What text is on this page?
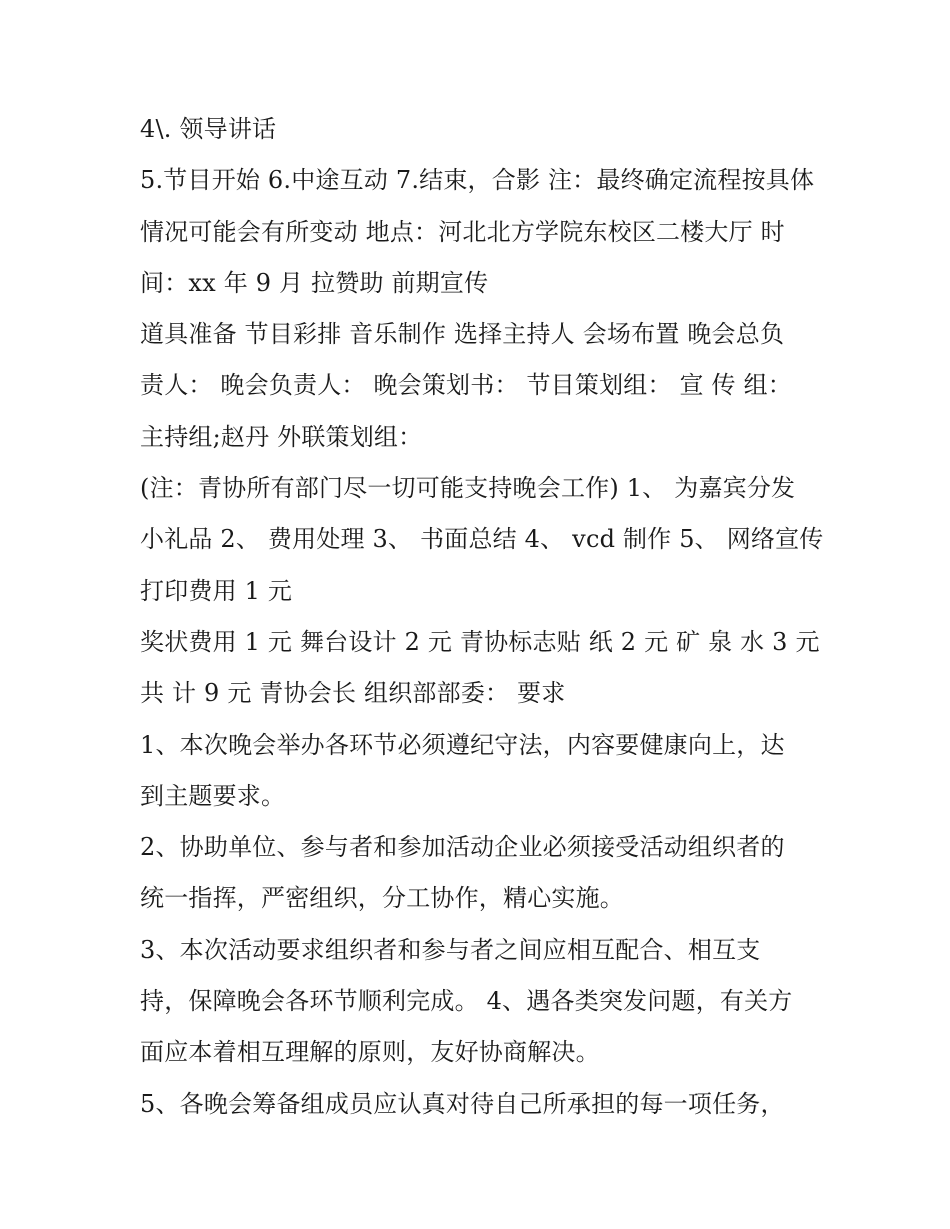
4\. 领导讲话
5.节目开始 6.中途互动 7.结束，合影 注：最终确定流程按具体
情况可能会有所变动 地点：河北北方学院东校区二楼大厅 时
间：xx 年 9 月 拉赞助 前期宣传
道具准备 节目彩排 音乐制作 选择主持人 会场布置 晚会总负
责人： 晚会负责人： 晚会策划书： 节目策划组： 宣 传 组：
主持组;赵丹 外联策划组：
(注：青协所有部门尽一切可能支持晚会工作) 1、 为嘉宾分发
小礼品 2、 费用处理 3、 书面总结 4、 vcd 制作 5、 网络宣传
打印费用 1 元
奖状费用 1 元 舞台设计 2 元 青协标志贴 纸 2 元 矿 泉 水 3 元
共 计 9 元 青协会长 组织部部委： 要求
1、本次晚会举办各环节必须遵纪守法，内容要健康向上，达
到主题要求。
2、协助单位、参与者和参加活动企业必须接受活动组织者的
统一指挥，严密组织，分工协作，精心实施。
3、本次活动要求组织者和参与者之间应相互配合、相互支
持，保障晚会各环节顺利完成。 4、遇各类突发问题，有关方
面应本着相互理解的原则，友好协商解决。
5、各晚会筹备组成员应认真对待自己所承担的每一项任务，
